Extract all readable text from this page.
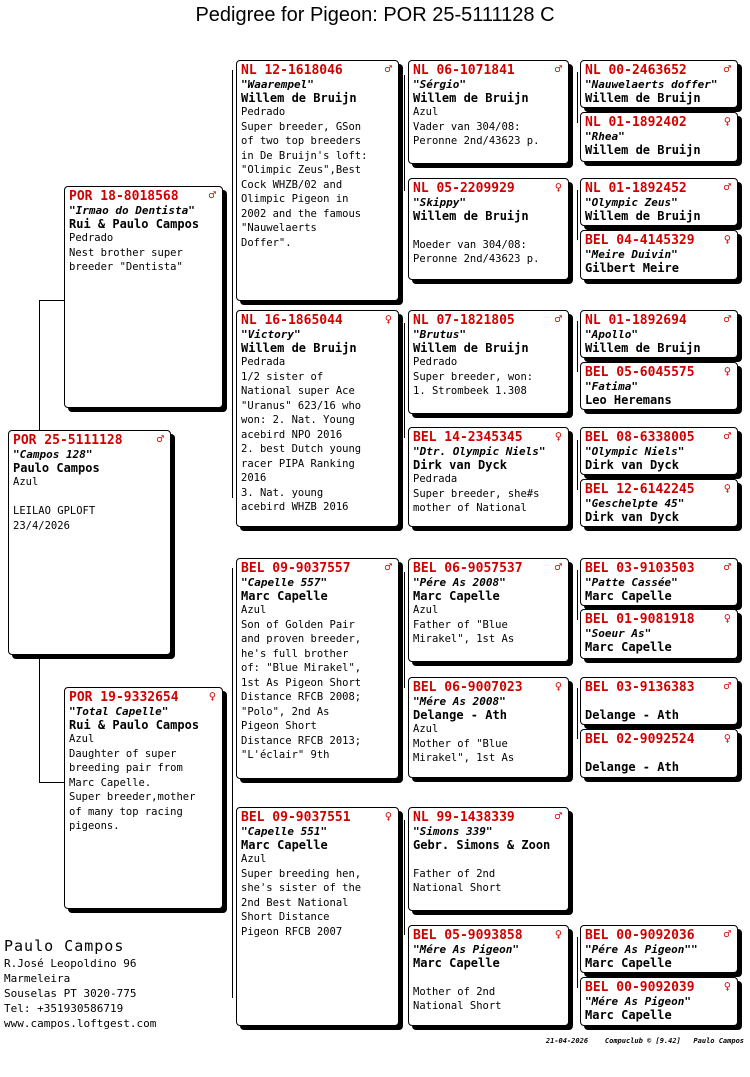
Pedigree for Pigeon: POR 25-5111128 C
POR 25-5111128	♂
"Campos 128"
Paulo Campos
Azul

LEILAO GPLOFT
23/4/2026
POR 18-8018568	♂
"Irmao do Dentista"
Rui & Paulo Campos
Pedrado
Nest brother super
breeder "Dentista"
POR 19-9332654	♀
"Total Capelle"
Rui & Paulo Campos
Azul
Daughter of super
breeding pair from
Marc Capelle.
Super breeder,mother
of many top racing
pigeons.
NL 12-1618046	♂
"Waarempel"
Willem de Bruijn
Pedrado
Super breeder, GSon
of two top breeders
in De Bruijn's loft:
"Olimpic Zeus",Best
Cock WHZB/02 and
Olimpic Pigeon in
2002 and the famous
"Nauwelaerts
Doffer".
NL 16-1865044	♀
"Victory"
Willem de Bruijn
Pedrada
1/2 sister of
National super Ace
"Uranus" 623/16 who
won: 2. Nat. Young
acebird NPO 2016
2. best Dutch young
racer PIPA Ranking
2016
3. Nat. young
acebird WHZB 2016
BEL 09-9037557	♂
"Capelle 557"
Marc Capelle
Azul
Son of Golden Pair
and proven breeder,
he's full brother
of: "Blue Mirakel",
1st As Pigeon Short
Distance RFCB 2008;
"Polo", 2nd As
Pigeon Short
Distance RFCB 2013;
"L'éclair" 9th
BEL 09-9037551	♀
"Capelle 551"
Marc Capelle
Azul
Super breeding hen,
she's sister of the
2nd Best National
Short Distance
Pigeon RFCB 2007
NL 06-1071841	♂
"Sérgio"
Willem de Bruijn
Azul
Vader van 304/08:
Peronne 2nd/43623 p.
NL 05-2209929	♀
"Skippy"
Willem de Bruijn

Moeder van 304/08:
Peronne 2nd/43623 p.
NL 07-1821805	♂
"Brutus"
Willem de Bruijn
Pedrado
Super breeder, won:
1. Strombeek 1.308
BEL 14-2345345	♀
"Dtr. Olympic Niels"
Dirk van Dyck
Pedrada
Super breeder, she#s
mother of National
BEL 06-9057537	♂
"Pére As 2008"
Marc Capelle
Azul
Father of "Blue
Mirakel", 1st As
BEL 06-9007023	♀
"Mére As 2008"
Delange - Ath
Azul
Mother of "Blue
Mirakel", 1st As
NL 99-1438339	♂
"Simons 339"
Gebr. Simons & Zoon

Father of 2nd
National Short
BEL 05-9093858	♀
"Mére As Pigeon"
Marc Capelle

Mother of 2nd
National Short
NL 00-2463652	♂
"Nauwelaerts doffer"
Willem de Bruijn
NL 01-1892402	♀
"Rhea"
Willem de Bruijn
NL 01-1892452	♂
"Olympic Zeus"
Willem de Bruijn
BEL 04-4145329	♀
"Meire Duivin"
Gilbert Meire
NL 01-1892694	♂
"Apollo"
Willem de Bruijn
BEL 05-6045575	♀
"Fatima"
Leo Heremans
BEL 08-6338005	♂
"Olympic Niels"
Dirk van Dyck
BEL 12-6142245	♀
"Geschelpte 45"
Dirk van Dyck
BEL 03-9103503	♂
"Patte Cassée"
Marc Capelle
BEL 01-9081918	♀
"Soeur As"
Marc Capelle
BEL 03-9136383	♂
Delange - Ath
BEL 02-9092524	♀
Delange - Ath
BEL 00-9092036	♂
"Pére As Pigeon""
Marc Capelle
BEL 00-9092039	♀
"Mére As Pigeon"
Marc Capelle
Paulo Campos
R.José Leopoldino 96
Marmeleira
Souselas PT 3020-775
Tel: +351930586719
www.campos.loftgest.com
21-04-2026 Compuclub © [9.42] Paulo Campos
